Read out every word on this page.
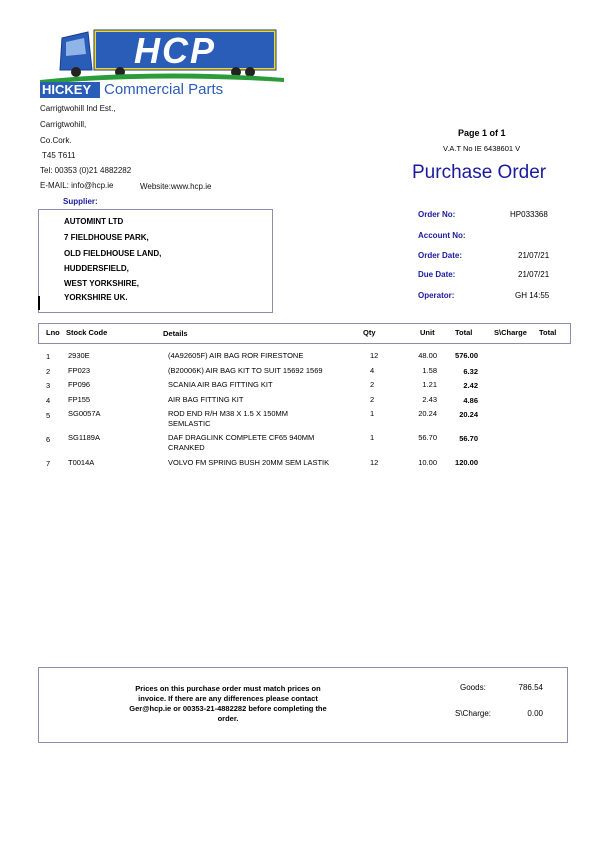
HCP
HICKEY Commercial Parts
Carrigtwohill Ind Est.,
Carrigtwohill,
Co.Cork.
T45 T611
Tel: 00353 (0)21 4882282
E-MAIL: info@hcp.ie	Website:www.hcp.ie
Page 1 of 1
V.A.T No IE 6438601 V
Purchase Order
Supplier:
AUTOMINT LTD
7 FIELDHOUSE PARK,
OLD FIELDHOUSE LAND,
HUDDERSFIELD,
WEST YORKSHIRE,
YORKSHIRE UK.
Order No:	HP033368
Account No:
Order Date:	21/07/21
Due Date:	21/07/21
Operator:	GH 14:55
Lno Stock Code	Details	Qty	Unit	Total	S\Charge Total
1 2930E	(4A92605F) AIR BAG ROR FIRESTONE	12	48.00	576.00
2 FP023	(B20006K) AIR BAG KIT TO SUIT 15692 1569	4	1.58	6.32
3 FP096	SCANIA AIR BAG FITTING KIT	2	1.21	2.42
4 FP155	AIR BAG FITTING KIT	2	2.43	4.86
5 SG0057A	ROD END R/H M38 X 1.5 X 150MM
SEMLASTIC
1	20.24	20.24
6 SG1189A	DAF DRAGLINK COMPLETE CF65 940MM
CRANKED
1	56.70	56.70
7 T0014A	VOLVO FM SPRING BUSH 20MM SEM LASTIK	12	10.00	120.00
Prices on this purchase order must match prices on
invoice. If there are any differences please contact
Ger@hcp.ie or 00353-21-4882282 before completing the
order.
Goods:	786.54
S\Charge:	0.00
